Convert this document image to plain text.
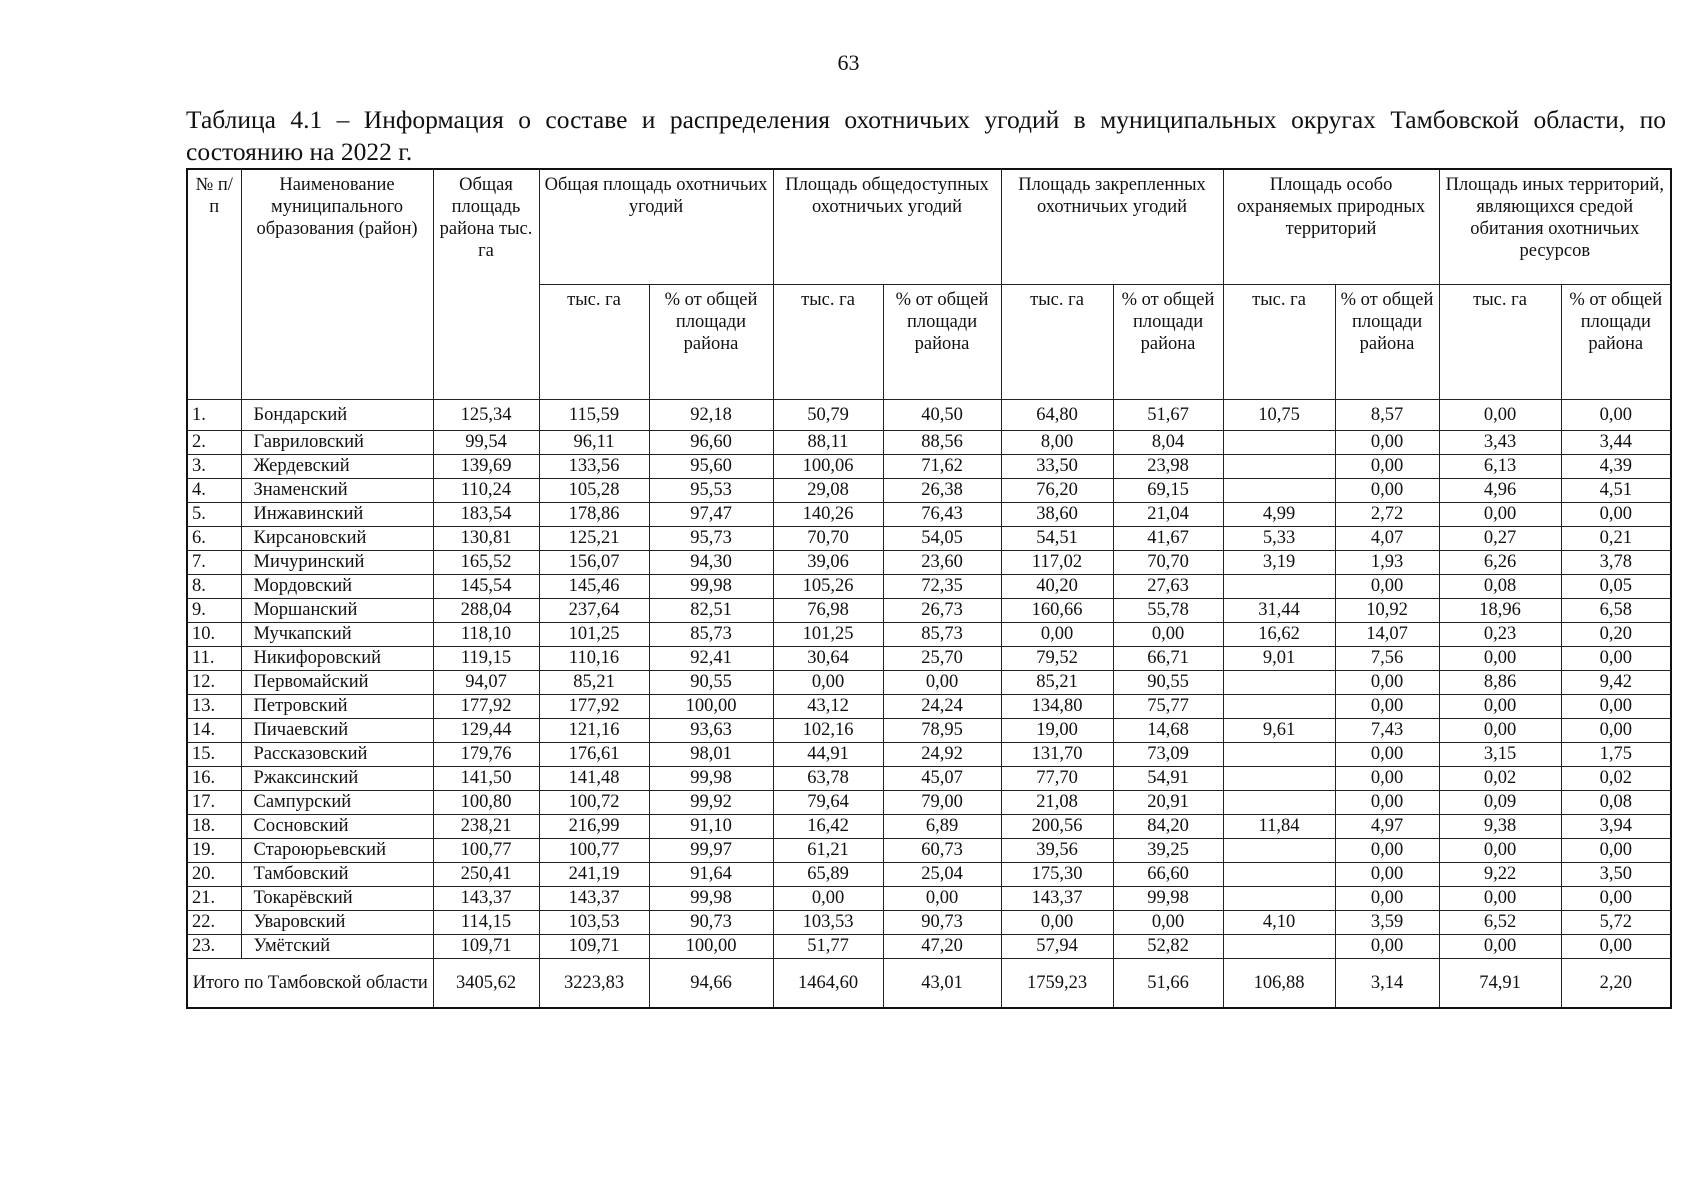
63
Таблица 4.1 – Информация о составе и распределения охотничьих угодий в муниципальных округах Тамбовской области, по состоянию на 2022 г.
№ п/п	Наименование муниципального образования (район)	Общая площадь района тыс. га	Общая площадь охотничьих угодий		Площадь общедоступных охотничьих угодий		Площадь закрепленных охотничьих угодий		Площадь особо охраняемых природных территорий		Площадь иных территорий, являющихся средой обитания охотничьих ресурсов	
			тыс. га	% от общей площади района	тыс. га	% от общей площади района	тыс. га	% от общей площади района	тыс. га	% от общей площади района	тыс. га	% от общей площади района
1.	Бондарский	125,34	115,59	92,18	50,79	40,50	64,80	51,67	10,75	8,57	0,00	0,00
2.	Гавриловский	99,54	96,11	96,60	88,11	88,56	8,00	8,04		0,00	3,43	3,44
3.	Жердевский	139,69	133,56	95,60	100,06	71,62	33,50	23,98		0,00	6,13	4,39
4.	Знаменский	110,24	105,28	95,53	29,08	26,38	76,20	69,15		0,00	4,96	4,51
5.	Инжавинский	183,54	178,86	97,47	140,26	76,43	38,60	21,04	4,99	2,72	0,00	0,00
6.	Кирсановский	130,81	125,21	95,73	70,70	54,05	54,51	41,67	5,33	4,07	0,27	0,21
7.	Мичуринский	165,52	156,07	94,30	39,06	23,60	117,02	70,70	3,19	1,93	6,26	3,78
8.	Мордовский	145,54	145,46	99,98	105,26	72,35	40,20	27,63		0,00	0,08	0,05
9.	Моршанский	288,04	237,64	82,51	76,98	26,73	160,66	55,78	31,44	10,92	18,96	6,58
10.	Мучкапский	118,10	101,25	85,73	101,25	85,73	0,00	0,00	16,62	14,07	0,23	0,20
11.	Никифоровский	119,15	110,16	92,41	30,64	25,70	79,52	66,71	9,01	7,56	0,00	0,00
12.	Первомайский	94,07	85,21	90,55	0,00	0,00	85,21	90,55		0,00	8,86	9,42
13.	Петровский	177,92	177,92	100,00	43,12	24,24	134,80	75,77		0,00	0,00	0,00
14.	Пичаевский	129,44	121,16	93,63	102,16	78,95	19,00	14,68	9,61	7,43	0,00	0,00
15.	Рассказовский	179,76	176,61	98,01	44,91	24,92	131,70	73,09		0,00	3,15	1,75
16.	Ржаксинский	141,50	141,48	99,98	63,78	45,07	77,70	54,91		0,00	0,02	0,02
17.	Сампурский	100,80	100,72	99,92	79,64	79,00	21,08	20,91		0,00	0,09	0,08
18.	Сосновский	238,21	216,99	91,10	16,42	6,89	200,56	84,20	11,84	4,97	9,38	3,94
19.	Староюрьевский	100,77	100,77	99,97	61,21	60,73	39,56	39,25		0,00	0,00	0,00
20.	Тамбовский	250,41	241,19	91,64	65,89	25,04	175,30	66,60		0,00	9,22	3,50
21.	Токарёвский	143,37	143,37	99,98	0,00	0,00	143,37	99,98		0,00	0,00	0,00
22.	Уваровский	114,15	103,53	90,73	103,53	90,73	0,00	0,00	4,10	3,59	6,52	5,72
23.	Умётский	109,71	109,71	100,00	51,77	47,20	57,94	52,82		0,00	0,00	0,00
Итого по Тамбовской области		3405,62	3223,83	94,66	1464,60	43,01	1759,23	51,66	106,88	3,14	74,91	2,20
